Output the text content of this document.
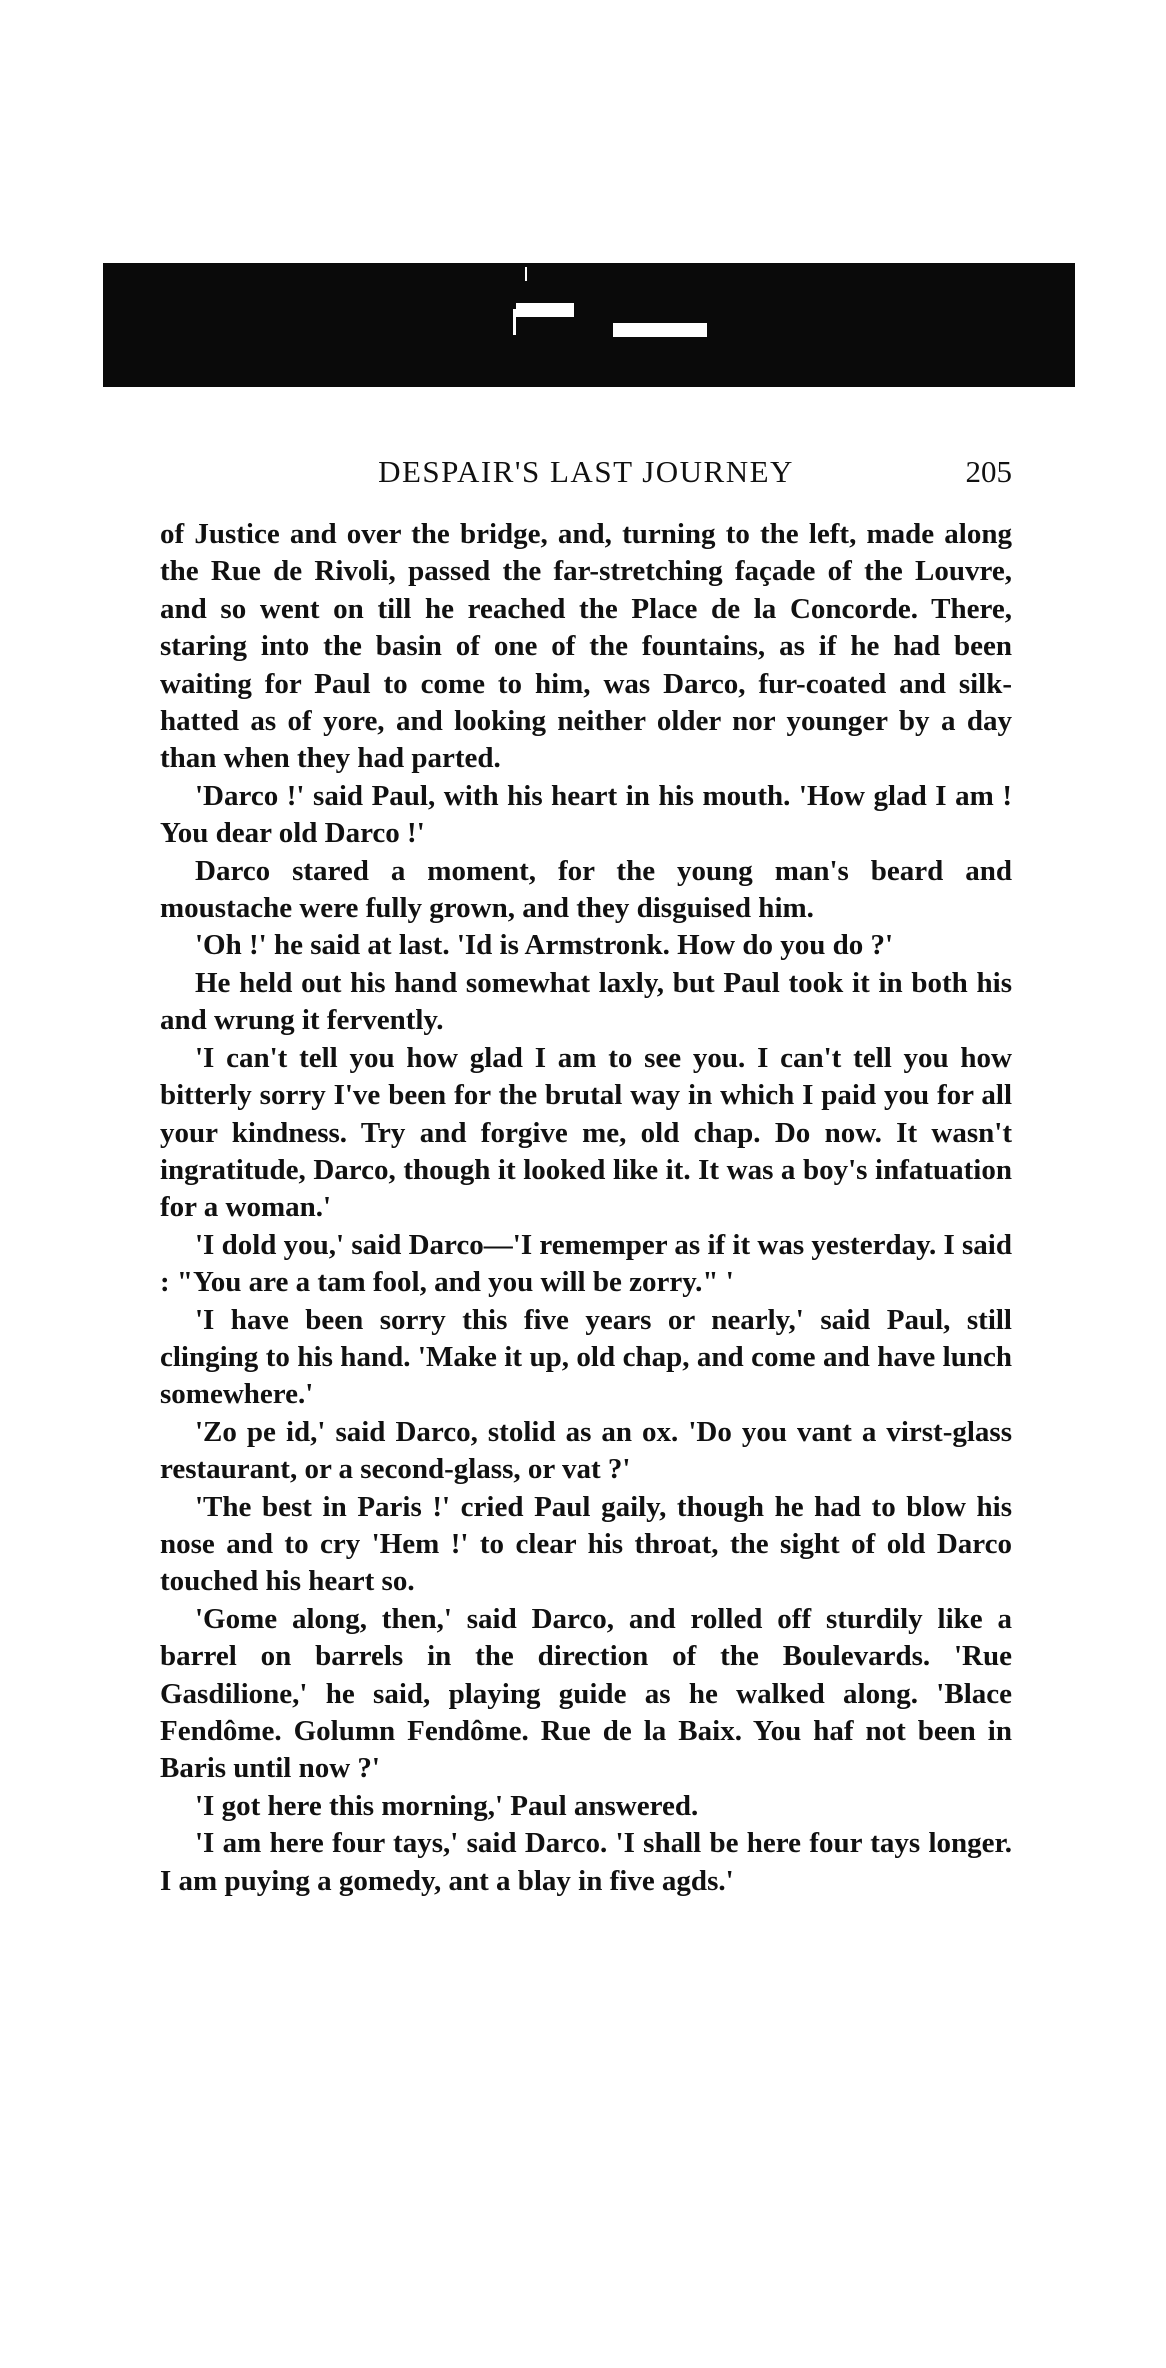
DESPAIR'S LAST JOURNEY	205

of Justice and over the bridge, and, turning to the left, made along the Rue de Rivoli, passed the far-stretching façade of the Louvre, and so went on till he reached the Place de la Concorde. There, staring into the basin of one of the fountains, as if he had been waiting for Paul to come to him, was Darco, fur-coated and silk-hatted as of yore, and looking neither older nor younger by a day than when they had parted.

'Darco !' said Paul, with his heart in his mouth. 'How glad I am ! You dear old Darco !'

Darco stared a moment, for the young man's beard and moustache were fully grown, and they disguised him.

'Oh !' he said at last. 'Id is Armstronk. How do you do ?'

He held out his hand somewhat laxly, but Paul took it in both his and wrung it fervently.

'I can't tell you how glad I am to see you. I can't tell you how bitterly sorry I've been for the brutal way in which I paid you for all your kindness. Try and forgive me, old chap. Do now. It wasn't ingratitude, Darco, though it looked like it. It was a boy's infatuation for a woman.'

'I dold you,' said Darco—'I rememper as if it was yesterday. I said : "You are a tam fool, and you will be zorry." '

'I have been sorry this five years or nearly,' said Paul, still clinging to his hand. 'Make it up, old chap, and come and have lunch somewhere.'

'Zo pe id,' said Darco, stolid as an ox. 'Do you vant a virst-glass restaurant, or a second-glass, or vat ?'

'The best in Paris !' cried Paul gaily, though he had to blow his nose and to cry 'Hem !' to clear his throat, the sight of old Darco touched his heart so.

'Gome along, then,' said Darco, and rolled off sturdily like a barrel on barrels in the direction of the Boulevards. 'Rue Gasdilione,' he said, playing guide as he walked along. 'Blace Fendôme. Golumn Fendôme. Rue de la Baix. You haf not been in Baris until now ?'

'I got here this morning,' Paul answered.

'I am here four tays,' said Darco. 'I shall be here four tays longer. I am puying a gomedy, ant a blay in five agds.'
